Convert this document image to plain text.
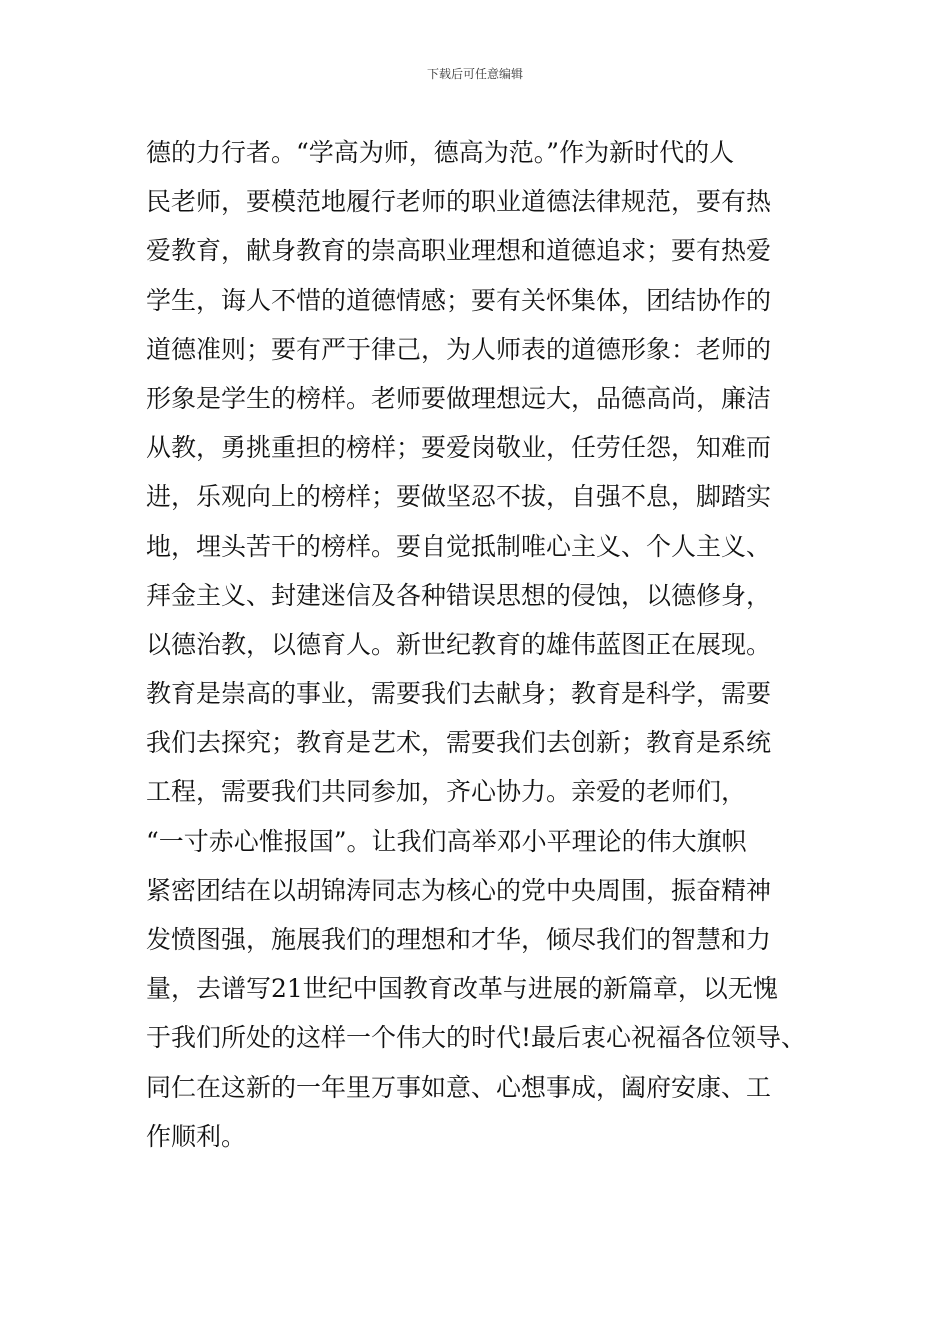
下载后可任意编辑
德的力行者。“学高为师，德高为范。”作为新时代的人
民老师，要模范地履行老师的职业道德法律规范，要有热
爱教育，献身教育的崇高职业理想和道德追求；要有热爱
学生，诲人不惜的道德情感；要有关怀集体，团结协作的
道德准则；要有严于律己，为人师表的道德形象：老师的
形象是学生的榜样。老师要做理想远大，品德高尚，廉洁
从教，勇挑重担的榜样；要爱岗敬业，任劳任怨，知难而
进，乐观向上的榜样；要做坚忍不拔，自强不息，脚踏实
地，埋头苦干的榜样。要自觉抵制唯心主义、个人主义、
拜金主义、封建迷信及各种错误思想的侵蚀，以德修身，
以德治教，以德育人。新世纪教育的雄伟蓝图正在展现。
教育是崇高的事业，需要我们去献身；教育是科学，需要
我们去探究；教育是艺术，需要我们去创新；教育是系统
工程，需要我们共同参加，齐心协力。亲爱的老师们，
“一寸赤心惟报国”。让我们高举邓小平理论的伟大旗帜
紧密团结在以胡锦涛同志为核心的党中央周围，振奋精神
发愤图强，施展我们的理想和才华，倾尽我们的智慧和力
量，去谱写21世纪中国教育改革与进展的新篇章，以无愧
于我们所处的这样一个伟大的时代!最后衷心祝福各位领导、
同仁在这新的一年里万事如意、心想事成，阖府安康、工
作顺利。
